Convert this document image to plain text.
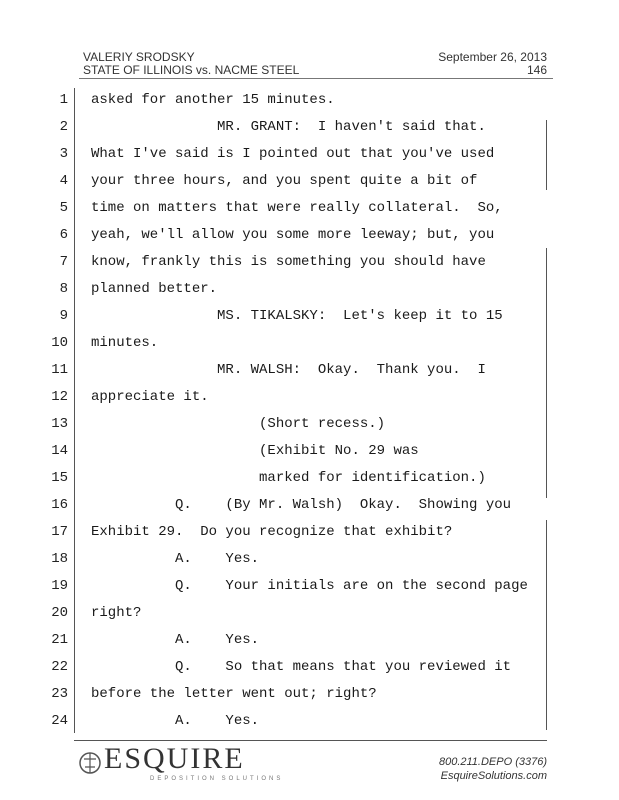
VALERIY SRODSKY
STATE OF ILLINOIS vs. NACME STEEL
September 26, 2013
146
1 asked for another 15 minutes.
2 MR. GRANT:  I haven't said that.
3 What I've said is I pointed out that you've used
4 your three hours, and you spent quite a bit of
5 time on matters that were really collateral.  So,
6 yeah, we'll allow you some more leeway; but, you
7 know, frankly this is something you should have
8 planned better.
9 MS. TIKALSKY:  Let's keep it to 15
10 minutes.
11 MR. WALSH:  Okay.  Thank you.  I
12 appreciate it.
13 (Short recess.)
14 (Exhibit No. 29 was
15 marked for identification.)
16 Q.    (By Mr. Walsh)  Okay.  Showing you
17 Exhibit 29.  Do you recognize that exhibit?
18 A.    Yes.
19 Q.    Your initials are on the second page
20 right?
21 A.    Yes.
22 Q.    So that means that you reviewed it
23 before the letter went out; right?
24 A.    Yes.
ESQUIRE
DEPOSITION SOLUTIONS
800.211.DEPO (3376)
EsquireSolutions.com
